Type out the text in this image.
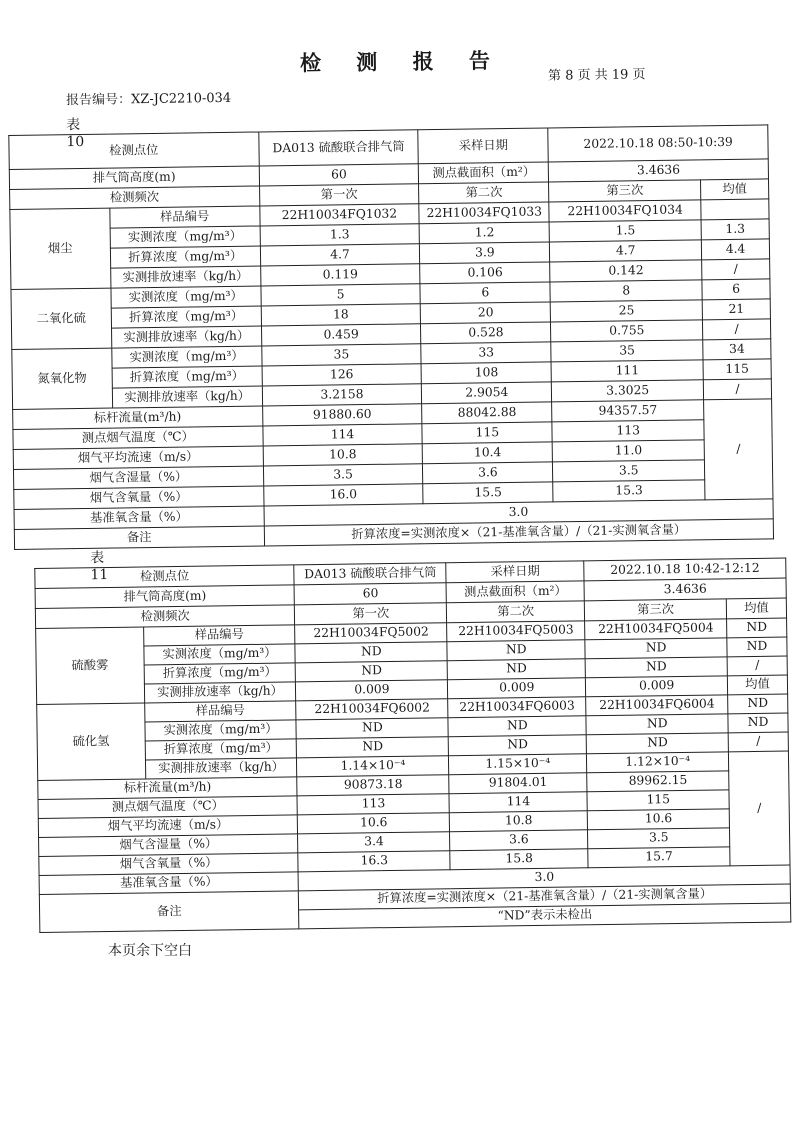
检 测 报 告
第 8 页 共 19 页
报告编号：XZ-JC2210-034
表10 检测点位		DA013 硫酸联合排气筒	采样日期	2022.10.18 08:50-10:39	
排气筒高度(m)		60	测点截面积（m²）	3.4636	
检测频次		第一次	第二次	第三次	均值
烟尘	样品编号	22H10034FQ1032	22H10034FQ1033	22H10034FQ1034	
	实测浓度（mg/m³）	1.3	1.2	1.5	1.3
	折算浓度（mg/m³）	4.7	3.9	4.7	4.4
	实测排放速率（kg/h）	0.119	0.106	0.142	/
二氧化硫	实测浓度（mg/m³）	5	6	8	6
	折算浓度（mg/m³）	18	20	25	21
	实测排放速率（kg/h）	0.459	0.528	0.755	/
氮氧化物	实测浓度（mg/m³）	35	33	35	34
	折算浓度（mg/m³）	126	108	111	115
	实测排放速率（kg/h）	3.2158	2.9054	3.3025	/
标杆流量(m³/h)		91880.60	88042.88	94357.57	/
测点烟气温度（℃）		114	115	113	
烟气平均流速（m/s）		10.8	10.4	11.0	
烟气含湿量（%）		3.5	3.6	3.5	
烟气含氧量（%）		16.0	15.5	15.3	
基准氧含量（%）		3.0			
备注		折算浓度=实测浓度×（21-基准氧含量）/（21-实测氧含量）			
表11	检测点位		DA013 硫酸联合排气筒	采样日期	2022.10.18 10:42-12:12	
排气筒高度(m)		60	测点截面积（m²）	3.4636	
检测频次		第一次	第二次	第三次	均值
硫酸雾	样品编号	22H10034FQ5002	22H10034FQ5003	22H10034FQ5004	ND
	实测浓度（mg/m³）	ND	ND	ND	ND
	折算浓度（mg/m³）	ND	ND	ND	/
	实测排放速率（kg/h）	0.009	0.009	0.009	均值
硫化氢	样品编号	22H10034FQ6002	22H10034FQ6003	22H10034FQ6004	ND
	实测浓度（mg/m³）	ND	ND	ND	ND
	折算浓度（mg/m³）	ND	ND	ND	/
	实测排放速率（kg/h）	1.14×10⁻⁴	1.15×10⁻⁴	1.12×10⁻⁴	/
标杆流量(m³/h)		90873.18	91804.01	89962.15	
测点烟气温度（℃）		113	114	115	
烟气平均流速（m/s）		10.6	10.8	10.6	
烟气含湿量（%）		3.4	3.6	3.5	
烟气含氧量（%）		16.3	15.8	15.7	
基准氧含量（%）		3.0			
备注		折算浓度=实测浓度×（21-基准氧含量）/（21-实测氧含量）			
		“ND”表示未检出			
本页余下空白
